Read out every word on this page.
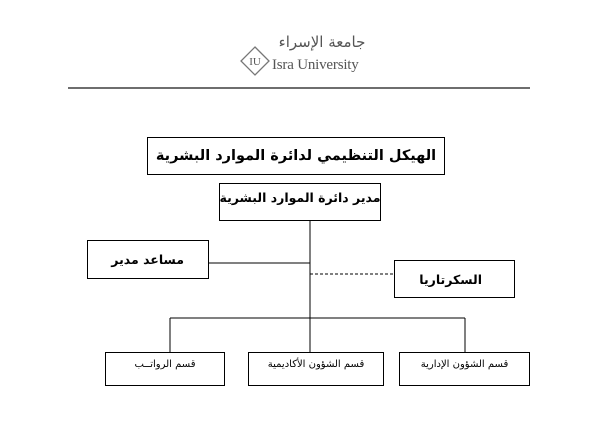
IU
جامعة الإسراء
Isra University
الهيكل التنظيمي لدائرة الموارد البشرية
مدير دائرة الموارد البشرية
مساعد مدير
السكرتاريا
قسم الشؤون الإدارية
قسم الشؤون الأكاديمية
قسم الرواتــب
